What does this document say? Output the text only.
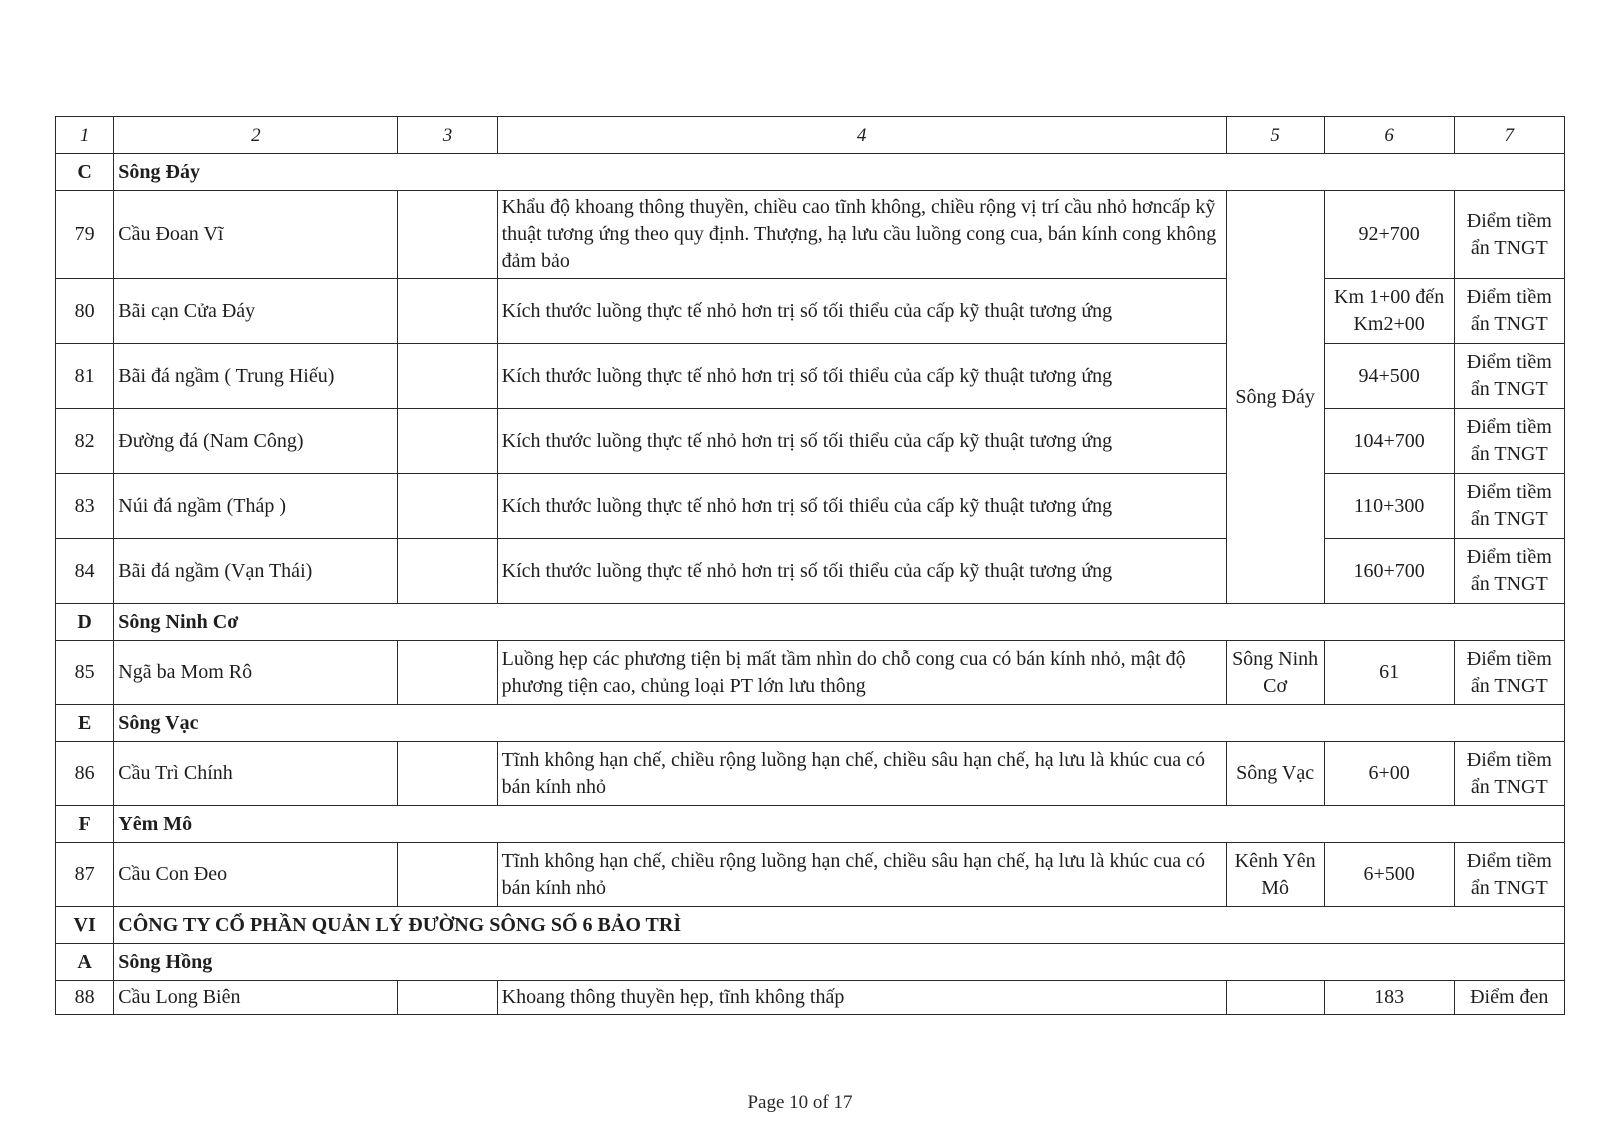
1	2	3	4	5	6	7
C	Sông Đáy					
79	Cầu Đoan Vĩ		Khẩu độ khoang thông thuyền, chiều cao tĩnh không, chiều rộng vị trí cầu nhỏ hơncấp kỹ thuật tương ứng theo quy định. Thượng, hạ lưu cầu luồng cong cua, bán kính cong không đảm bảo	Sông Đáy	92+700	Điểm tiềm ẩn TNGT
80	Bãi cạn Cửa Đáy		Kích thước luồng thực tế nhỏ hơn trị số tối thiểu của cấp kỹ thuật tương ứng		Km 1+00 đến Km2+00	Điểm tiềm ẩn TNGT
81	Bãi đá ngầm ( Trung Hiếu)		Kích thước luồng thực tế nhỏ hơn trị số tối thiểu của cấp kỹ thuật tương ứng		94+500	Điểm tiềm ẩn TNGT
82	Đường đá (Nam Công)		Kích thước luồng thực tế nhỏ hơn trị số tối thiểu của cấp kỹ thuật tương ứng		104+700	Điểm tiềm ẩn TNGT
83	Núi đá ngầm (Tháp )		Kích thước luồng thực tế nhỏ hơn trị số tối thiểu của cấp kỹ thuật tương ứng		110+300	Điểm tiềm ẩn TNGT
84	Bãi đá ngầm (Vạn Thái)		Kích thước luồng thực tế nhỏ hơn trị số tối thiểu của cấp kỹ thuật tương ứng		160+700	Điểm tiềm ẩn TNGT
D	Sông Ninh Cơ					
85	Ngã ba Mom Rô		Luồng hẹp các phương tiện bị mất tầm nhìn do chỗ cong cua có bán kính nhỏ, mật độ phương tiện cao, chủng loại PT lớn lưu thông	Sông Ninh Cơ	61	Điểm tiềm ẩn TNGT
E	Sông Vạc					
86	Cầu Trì Chính		Tĩnh không hạn chế, chiều rộng luồng hạn chế, chiều sâu hạn chế, hạ lưu là khúc cua có bán kính nhỏ	Sông Vạc	6+00	Điểm tiềm ẩn TNGT
F	Yêm Mô					
87	Cầu Con Đeo		Tĩnh không hạn chế, chiều rộng luồng hạn chế, chiều sâu hạn chế, hạ lưu là khúc cua có bán kính nhỏ	Kênh Yên Mô	6+500	Điểm tiềm ẩn TNGT
VI	CÔNG TY CỔ PHẦN QUẢN LÝ ĐƯỜNG SÔNG SỐ 6 BẢO TRÌ					
A	Sông Hồng					
88	Cầu Long Biên		Khoang thông thuyền hẹp, tĩnh không thấp		183	Điểm đen
Page 10 of 17
